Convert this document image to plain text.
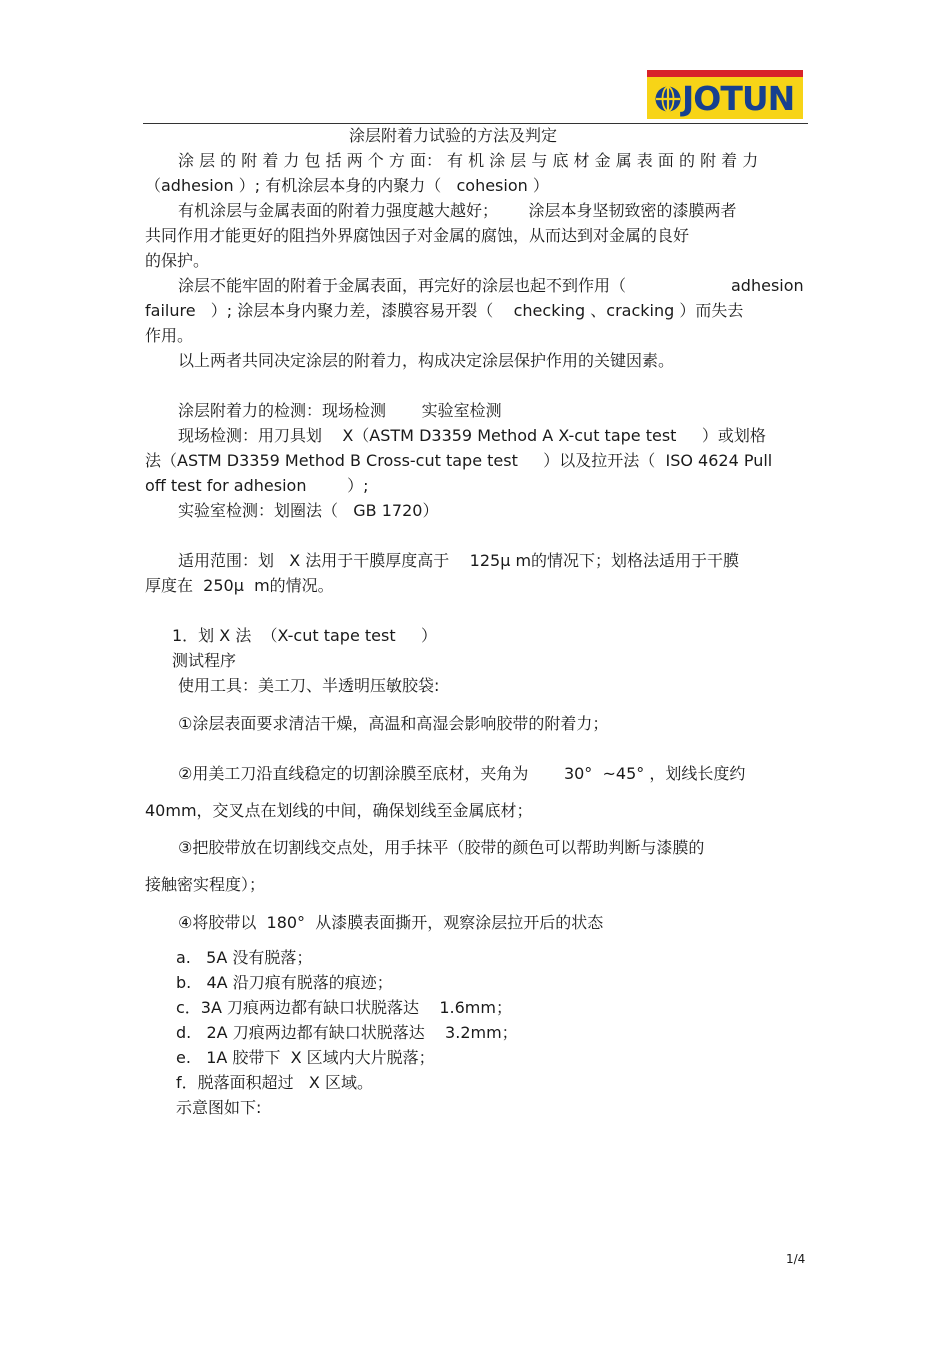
JOTUN
涂层附着力试验的方法及判定
涂 层 的 附 着 力 包 括 两 个 方 面： 有 机 涂 层 与 底 材 金 属 表 面 的 附 着 力
（adhesion ）; 有机涂层本身的内聚力（   cohesion ）
有机涂层与金属表面的附着力强度越大越好；      涂层本身坚韧致密的漆膜两者
共同作用才能更好的阻挡外界腐蚀因子对金属的腐蚀，从而达到对金属的良好
的保护。
涂层不能牢固的附着于金属表面，再完好的涂层也起不到作用（	adhesion
failure   ）; 涂层本身内聚力差，漆膜容易开裂（    checking 、cracking ）而失去
作用。
以上两者共同决定涂层的附着力，构成决定涂层保护作用的关键因素。
涂层附着力的检测：现场检测       实验室检测
现场检测：用刀具划    X（ASTM D3359 Method A X-cut tape test     ）或划格
法（ASTM D3359 Method B Cross-cut tape test     ）以及拉开法（  ISO 4624 Pull
off test for adhesion        ）;
实验室检测：划圈法（   GB 1720）
适用范围：划   X 法用于干膜厚度高于    125μ m的情况下；划格法适用于干膜
厚度在  250μ  m的情况。
1．划 X 法  （X-cut tape test     ）
测试程序
使用工具：美工刀、半透明压敏胶袋:
①涂层表面要求清洁干燥，高温和高湿会影响胶带的附着力；
②用美工刀沿直线稳定的切割涂膜至底材，夹角为       30°  ~45° ，划线长度约
40mm，交叉点在划线的中间，确保划线至金属底材；
③把胶带放在切割线交点处，用手抹平（胶带的颜色可以帮助判断与漆膜的
接触密实程度）；
④将胶带以  180°  从漆膜表面撕开，观察涂层拉开后的状态
a.   5A 没有脱落；
b.   4A 沿刀痕有脱落的痕迹；
c．3A 刀痕两边都有缺口状脱落达    1.6mm；
d.   2A 刀痕两边都有缺口状脱落达    3.2mm；
e.   1A 胶带下  X 区域内大片脱落；
f．脱落面积超过   X 区域。
示意图如下:
1/4
